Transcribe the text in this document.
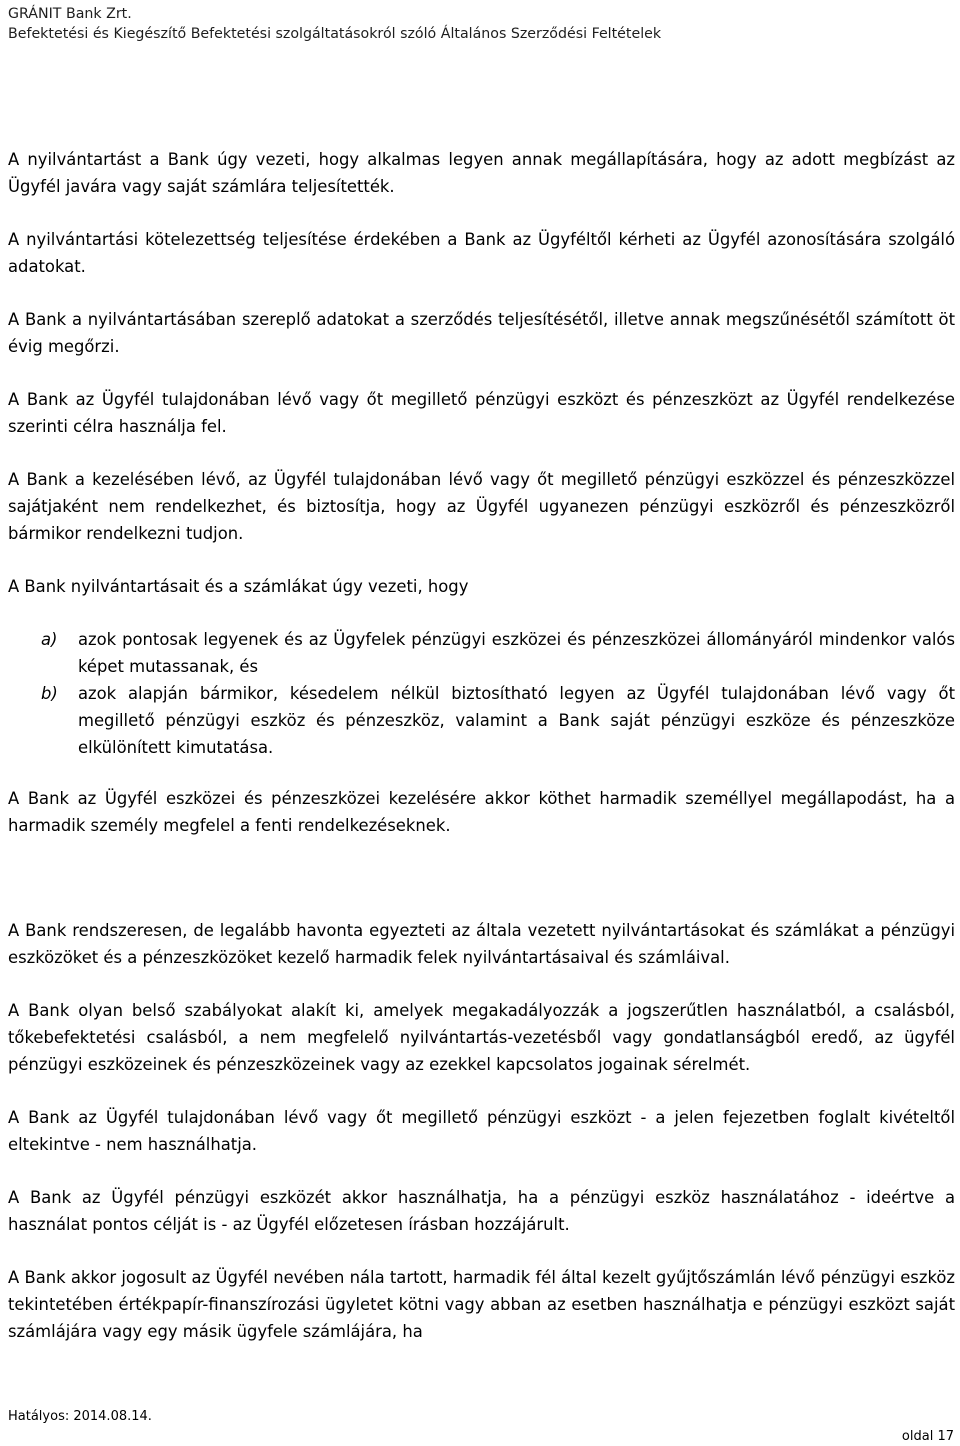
GRÁNIT Bank Zrt.
Befektetési és Kiegészítő Befektetési szolgáltatásokról szóló Általános Szerződési Feltételek

A nyilvántartást a Bank úgy vezeti, hogy alkalmas legyen annak megállapítására, hogy az adott megbízást az Ügyfél javára vagy saját számlára teljesítették.

A nyilvántartási kötelezettség teljesítése érdekében a Bank az Ügyféltől kérheti az Ügyfél azonosítására szolgáló adatokat.

A Bank a nyilvántartásában szereplő adatokat a szerződés teljesítésétől, illetve annak megszűnésétől számított öt évig megőrzi.

A Bank az Ügyfél tulajdonában lévő vagy őt megillető pénzügyi eszközt és pénzeszközt az Ügyfél rendelkezése szerinti célra használja fel.

A Bank a kezelésében lévő, az Ügyfél tulajdonában lévő vagy őt megillető pénzügyi eszközzel és pénzeszközzel sajátjaként nem rendelkezhet, és biztosítja, hogy az Ügyfél ugyanezen pénzügyi eszközről és pénzeszközről bármikor rendelkezni tudjon.

A Bank nyilvántartásait és a számlákat úgy vezeti, hogy

a) azok pontosak legyenek és az Ügyfelek pénzügyi eszközei és pénzeszközei állományáról mindenkor valós képet mutassanak, és
b) azok alapján bármikor, késedelem nélkül biztosítható legyen az Ügyfél tulajdonában lévő vagy őt megillető pénzügyi eszköz és pénzeszköz, valamint a Bank saját pénzügyi eszköze és pénzeszköze elkülönített kimutatása.

A Bank az Ügyfél eszközei és pénzeszközei kezelésére akkor köthet harmadik személlyel megállapodást, ha a harmadik személy megfelel a fenti rendelkezéseknek.

A Bank rendszeresen, de legalább havonta egyezteti az általa vezetett nyilvántartásokat és számlákat a pénzügyi eszközöket és a pénzeszközöket kezelő harmadik felek nyilvántartásaival és számláival.

A Bank olyan belső szabályokat alakít ki, amelyek megakadályozzák a jogszerűtlen használatból, a csalásból, tőkebefektetési csalásból, a nem megfelelő nyilvántartás-vezetésből vagy gondatlanságból eredő, az ügyfél pénzügyi eszközeinek és pénzeszközeinek vagy az ezekkel kapcsolatos jogainak sérelmét.

A Bank az Ügyfél tulajdonában lévő vagy őt megillető pénzügyi eszközt - a jelen fejezetben foglalt kivételtől eltekintve - nem használhatja.

A Bank az Ügyfél pénzügyi eszközét akkor használhatja, ha a pénzügyi eszköz használatához - ideértve a használat pontos célját is - az Ügyfél előzetesen írásban hozzájárult.

A Bank akkor jogosult az Ügyfél nevében nála tartott, harmadik fél által kezelt gyűjtőszámlán lévő pénzügyi eszköz tekintetében értékpapír-finanszírozási ügyletet kötni vagy abban az esetben használhatja e pénzügyi eszközt saját számlájára vagy egy másik ügyfele számlájára, ha

Hatályos: 2014.08.14.
oldal 17
